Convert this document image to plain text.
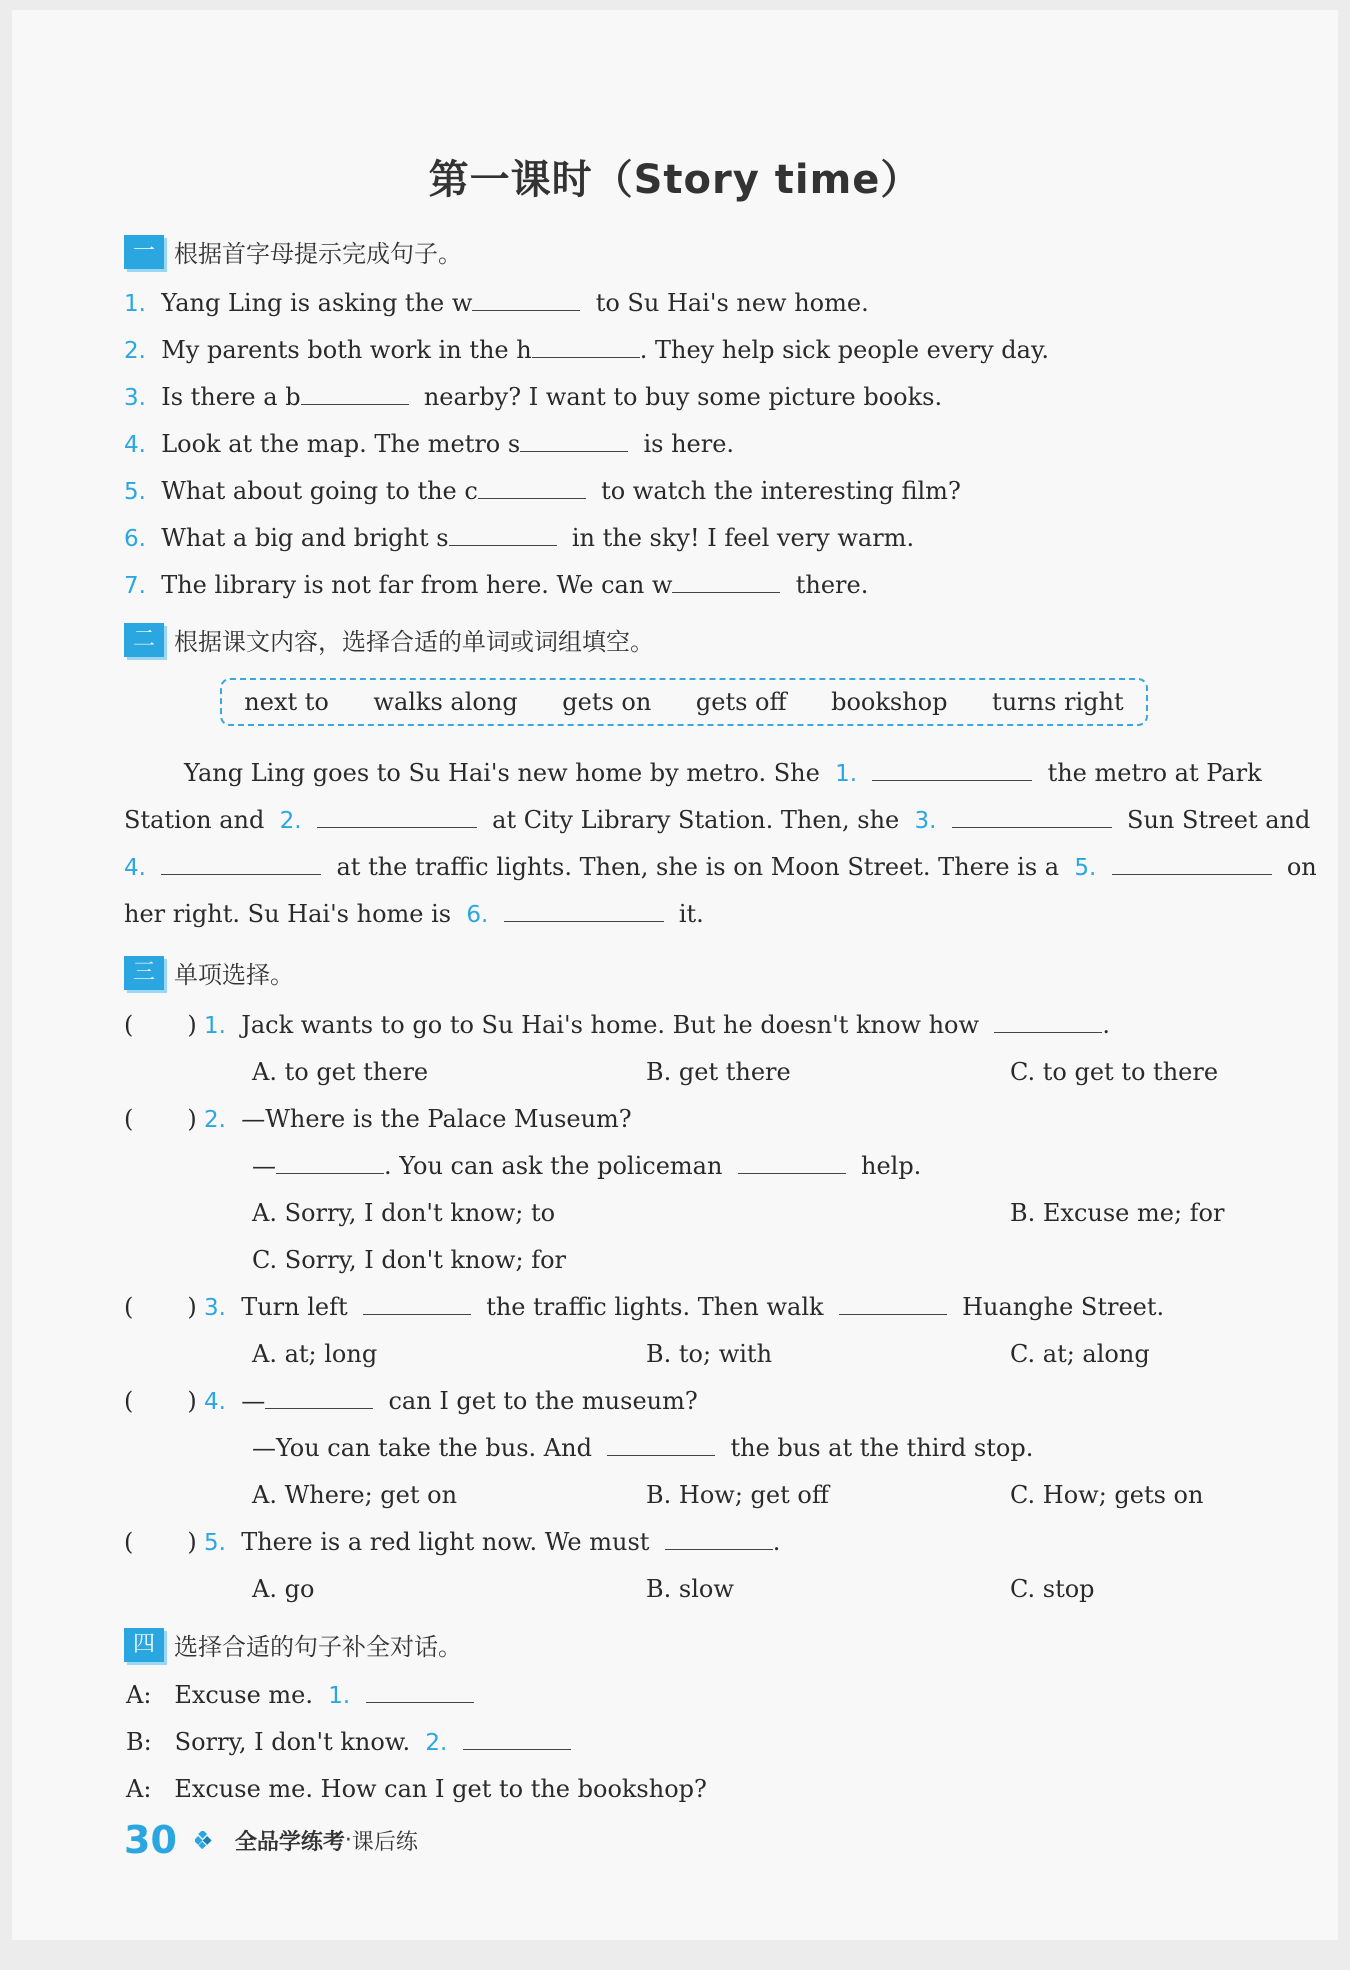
第一课时（Story time）
一 根据首字母提示完成句子。
1. Yang Ling is asking the w	to Su Hai's new home.
2. My parents both work in the h	. They help sick people every day.
3. Is there a b	nearby? I want to buy some picture books.
4. Look at the map. The metro s	is here.
5. What about going to the c	to watch the interesting film?
6. What a big and bright s	in the sky! I feel very warm.
7. The library is not far from here. We can w	there.
二 根据课文内容，选择合适的单词或词组填空。
next to walks along gets on gets off bookshop turns right
Yang Ling goes to Su Hai's new home by metro. She 1.	the metro at Park
Station and 2.	at City Library Station. Then, she 3.	Sun Street and
4.	at the traffic lights. Then, she is on Moon Street. There is a 5.	on
her right. Su Hai's home is 6.	it.
三 单项选择。
( ) 1. Jack wants to go to Su Hai's home. But he doesn't know how	.
A. to get there	B. get there	C. to get to there
( ) 2. —Where is the Palace Museum?
—	. You can ask the policeman	help.
A. Sorry, I don't know; to	B. Excuse me; for
C. Sorry, I don't know; for
( ) 3. Turn left	the traffic lights. Then walk	Huanghe Street.
A. at; long	B. to; with	C. at; along
( ) 4. —	can I get to the museum?
—You can take the bus. And	the bus at the third stop.
A. Where; get on	B. How; get off	C. How; gets on
( ) 5. There is a red light now. We must	.
A. go	B. slow	C. stop
四 选择合适的句子补全对话。
A: Excuse me. 1.
B: Sorry, I don't know. 2.
A: Excuse me. How can I get to the bookshop?
30	全品学练考 · 课后练
